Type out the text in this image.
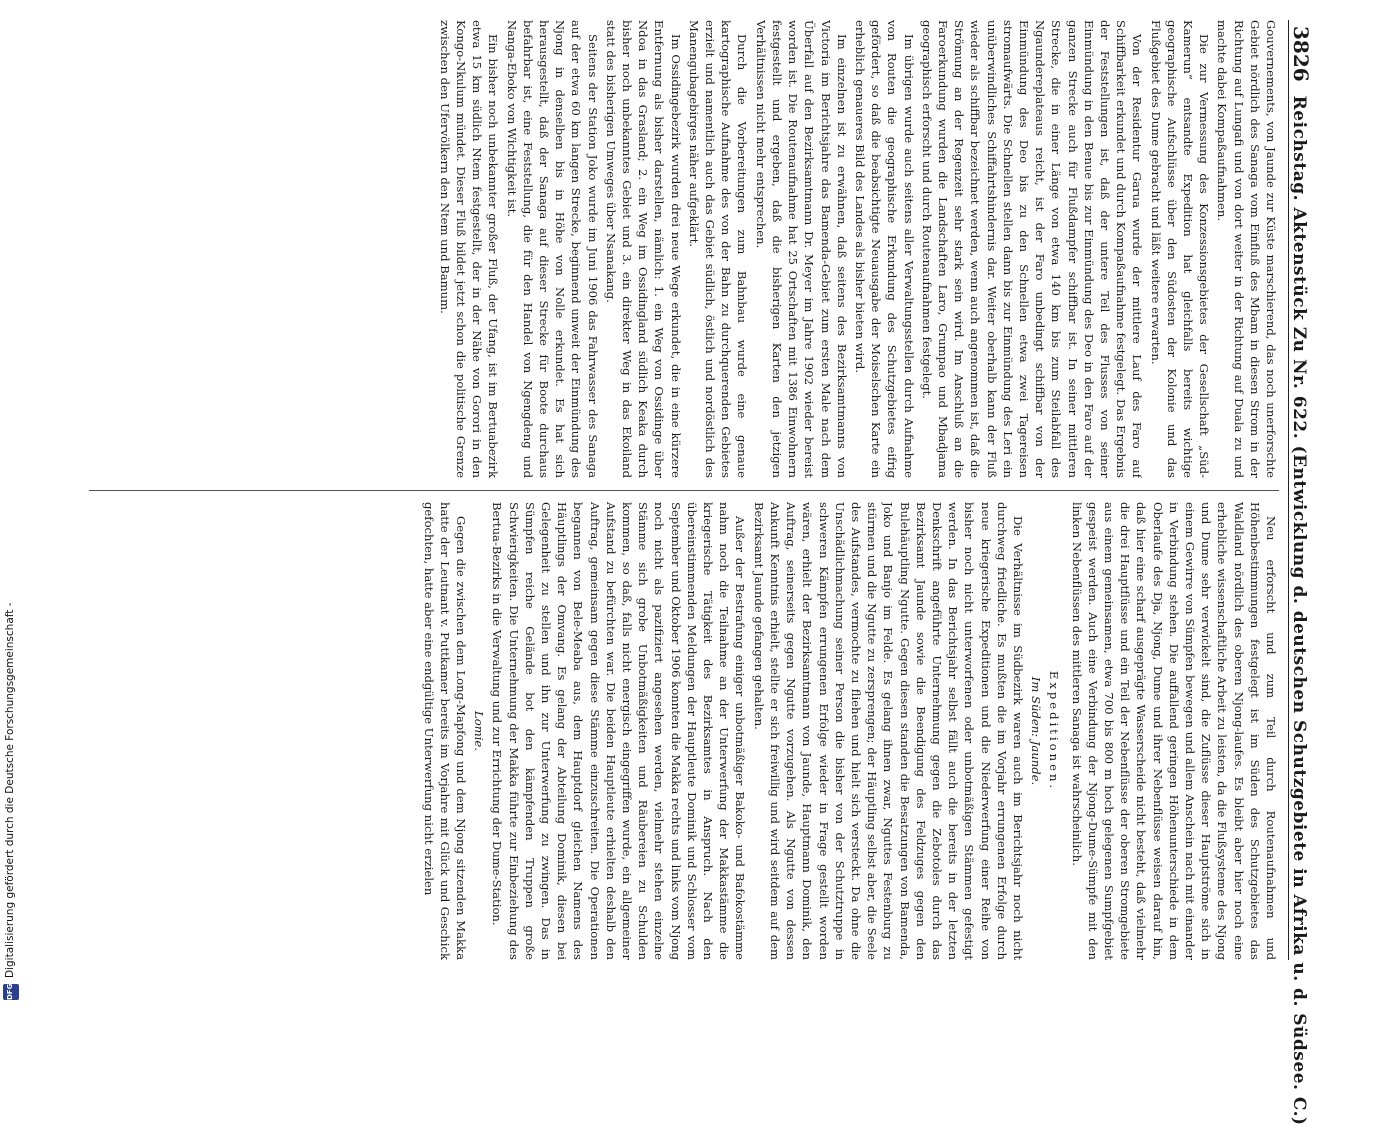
3826
Reichstag. Aktenstück Zu Nr. 622. (Entwicklung d. deutschen Schutzgebiete in Afrika u. d. Südsee. C.)

Gouvernements, von Jaunde zur Küste marschierend, das noch unerforschte Gebiet nördlich des Sanaga vom Einfluß des Mbam in diesen Strom in der Richtung auf Lungafi und von dort weiter in der Richtung auf Duala zu und machte dabei Kompaßaufnahmen.

Die zur Vermessung des Konzessionsgebietes der Gesellschaft „Süd-Kamerun“ entsandte Expedition hat gleichfalls bereits wichtige geographische Aufschlüsse über den Südosten der Kolonie und das Flußgebiet des Dume gebracht und läßt weitere erwarten.

Von der Residentur Garua wurde der mittlere Lauf des Faro auf Schiffbarkeit erkundet und durch Kompaßaufnahme festgelegt. Das Ergebnis der Feststellungen ist, daß der untere Teil des Flusses von seiner Einmündung in den Benue bis zur Einmündung des Deo in den Faro auf der ganzen Strecke auch für Flußdampfer schiffbar ist. In seiner mittleren Strecke, die in einer Länge von etwa 140 km bis zum Steilabfall des Ngaundereplateaus reicht, ist der Faro unbedingt schiffbar von der Einmündung des Deo bis zu den Schnellen etwa zwei Tagereisen stromaufwärts. Die Schnellen stellen dann bis zur Einmündung des Leri ein unüberwindliches Schiffahrtshindernis dar. Weiter oberhalb kann der Fluß wieder als schiffbar bezeichnet werden, wenn auch angenommen ist, daß die Strömung an der Regenzeit sehr stark sein wird. Im Anschluß an die Faroerkundung wurden die Landschaften Laro, Grumpao und Mbadjama geographisch erforscht und durch Routenaufnahmen festgelegt.

Im übrigen wurde auch seitens aller Verwaltungsstellen durch Aufnahme von Routen die geographische Erkundung des Schutzgebietes eifrig gefördert, so daß die beabsichtigte Neuausgabe der Moiselschen Karte ein erheblich genaueres Bild des Landes als bisher bieten wird.

Im einzelnen ist zu erwähnen, daß seitens des Bezirksamtmanns von Victoria im Berichtsjahre das Bamenda-Gebiet zum ersten Male nach dem Überfall auf den Bezirksamtmann Dr. Meyer im Jahre 1902 wieder bereist worden ist. Die Routenaufnahme hat 25 Ortschaften mit 1386 Einwohnern festgestellt und ergeben, daß die bisherigen Karten den jetzigen Verhältnissen nicht mehr entsprechen.

Durch die Vorbereitungen zum Bahnbau wurde eine genaue kartographische Aufnahme des von der Bahn zu durchquerenden Gebietes erzielt und namentlich auch das Gebiet südlich, östlich und nordöstlich des Manengubagebirges näher aufgeklärt.

Im Ossidingebezirk wurden drei neue Wege erkundet, die in eine kürzere Entfernung als bisher darstellen, nämlich: 1. ein Weg von Ossidinge über Ndoa in das Grasland; 2. ein Weg im Ossidingland südlich Keaka durch bisher noch unbekanntes Gebiet und 3. ein direkter Weg in das Ekoiland statt des bisherigen Umweges über Nsanakang.

Seitens der Station Joko wurde im Juni 1906 das Fahrwasser des Sanaga auf der etwa 60 km langen Strecke, beginnend unweit der Einmündung des Njong in denselben bis in Höhe von Nolle erkundet. Es hat sich herausgestellt, daß der Sanaga auf dieser Strecke für Boote durchaus befahrbar ist, eine Feststellung, die für den Handel von Ngengdeng und Nanga-Eboko von Wichtigkeit ist.

Ein bisher noch unbekannter großer Fluß, der Ufang, ist im Bertuabezirk etwa 15 km südlich Ntem festgestellt, der in der Nähe von Gorori in den Kongo-Nkulum mündet. Dieser Fluß bildet jetzt schon die politische Grenze zwischen den Ufervölkern den Ntem und Bamum.

Neu erforscht und zum Teil durch Routenaufnahmen und Höhenbestimmungen festgelegt ist im Süden des Schutzgebietes das Waldland nördlich des oberen Njong-laufes. Es bleibt aber hier noch eine erhebliche wissenschaftliche Arbeit zu leisten, da die Flußsysteme des Njong und Dume sehr verwickelt sind, die Zuflüsse dieser Hauptströme sich in einem Gewirre von Sümpfen bewegen und allem Anschein nach mit einander in Verbindung stehen. Die auffallend geringen Höhenunterschiede in dem Oberlaufe des Dja, Njong, Dume und ihrer Nebenflüsse weisen darauf hin, daß hier eine scharf ausgeprägte Wasserscheide nicht besteht, daß vielmehr die drei Hauptflüsse und ein Teil der Nebenflüsse der oberen Stromgebiete aus einem gemeinsamen, etwa 700 bis 800 m hoch gelegenen Sumpfgebiet gespeist werden. Auch eine Verbindung der Njong-Dume-Sümpfe mit den linken Nebenflüssen des mittleren Sanaga ist wahrscheinlich.

Expeditionen.
Im Süden: Jaunde.

Die Verhältnisse im Südbezirk waren auch im Berichtsjahr noch nicht durchweg friedliche. Es mußten die im Vorjahr errungenen Erfolge durch neue kriegerische Expeditionen und die Niederwerfung einer Reihe von bisher noch nicht unterworfenen oder unbotmäßigen Stämmen gefestigt werden. In das Berichtsjahr selbst fällt auch die bereits in der letzten Denkschrift angeführte Unternehmung gegen die Zebotoles durch das Bezirksamt Jaunde sowie die Beendigung des Feldzuges gegen den Bulehäuptling Ngutte. Gegen diesen standen die Besatzungen von Bamenda, Joko und Banjo im Felde. Es gelang ihnen zwar, Nguttes Festenburg zu stürmen und die Ngutte zu zersprengen; der Häuptling selbst aber, die Seele des Aufstandes, vermochte zu fliehen und hielt sich versteckt. Da ohne die Unschädlichmachung seiner Person die bisher von der Schutztruppe in schweren Kämpfen errungenen Erfolge wieder in Frage gestellt worden wären, erhielt der Bezirksamtmann von Jaunde, Hauptmann Dominik, den Auftrag, seinerseits gegen Ngutte vorzugehen. Als Ngutte von dessen Ankunft Kenntnis erhielt, stellte er sich freiwillig und wird seitdem auf dem Bezirksamt Jaunde gefangen gehalten.

Außer der Bestrafung einiger unbotmäßiger Bakoko- und Bafokostämme nahm noch die Teilnahme an der Unterwerfung der Makkastämme die kriegerische Tätigkeit des Bezirksamtes in Anspruch. Nach den übereinstimmenden Meldungen der Hauptleute Dominik und Schlosser vom September und Oktober 1906 konnten die Makka rechts und links vom Njong noch nicht als pazifiziert angesehen werden, vielmehr stehen einzelne Stämme sich grobe Unbotmäßigkeiten und Räubereien zu Schulden kommen, so daß, falls nicht energisch eingegriffen wurde, ein allgemeiner Aufstand zu befürchten war. Die beiden Hauptleute erhielten deshalb den Auftrag, gemeinsam gegen diese Stämme einzuschreiten. Die Operationen begannen von Bele-Meaba aus, dem Hauptdorf gleichen Namens des Häuptlings der Omvang. Es gelang der Abteilung Dominik, diesen bei Gelegenheit zu stellen und ihn zur Unterwerfung zu zwingen. Das in Sümpfen reiche Gelände bot den kämpfenden Truppen große Schwierigkeiten. Die Unternehmung der Makka führte zur Einbeziehung des Bertua-Bezirks in die Verwaltung und zur Errichtung der Dume-Station.

Lomie.

Gegen die zwischen dem Long-Mapfong und dem Njong sitzenden Makka hatte der Leutnant v. Puttkamer bereits im Vorjahre mit Glück und Geschick gefochten, hatte aber eine endgültige Unterwerfung nicht erzielen

DFG
Digitalisierung gefördert durch die Deutsche Forschungsgemeinschaft -
